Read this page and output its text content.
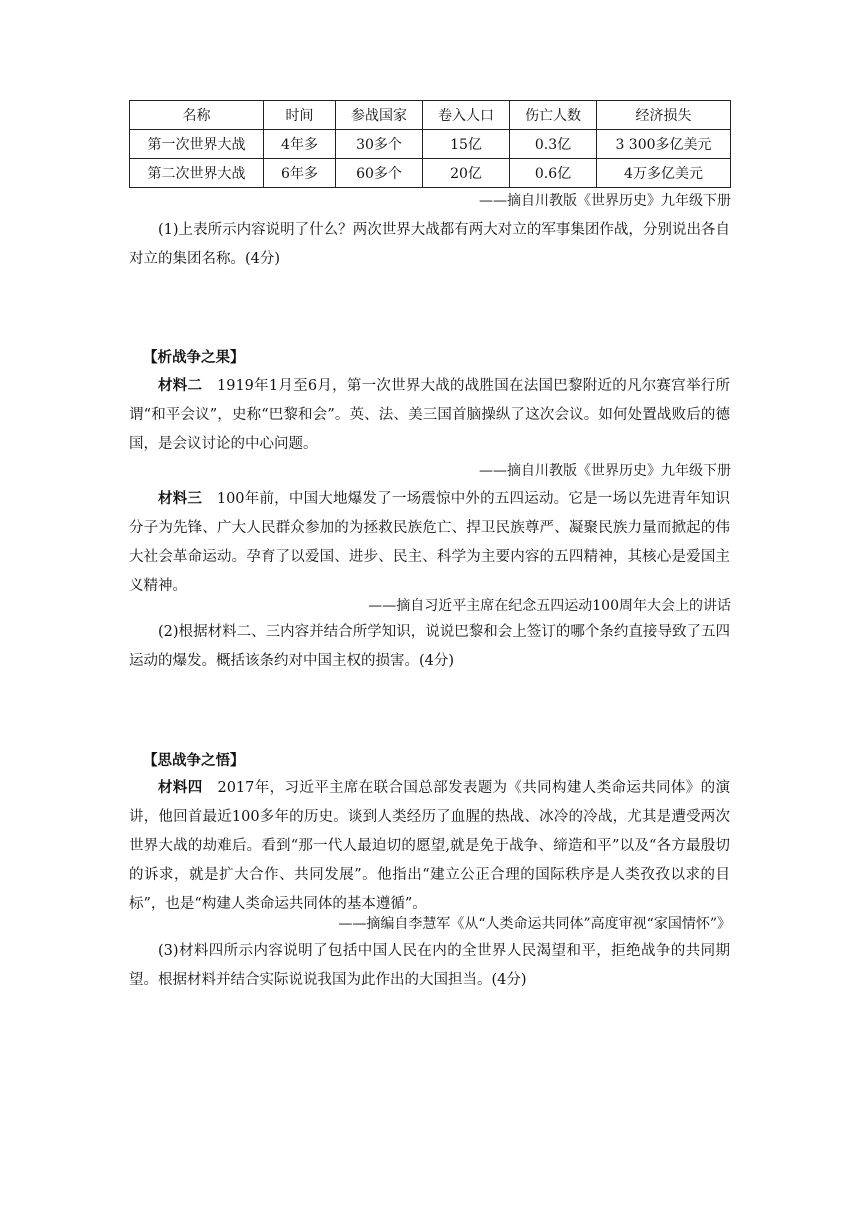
名称	时间	参战国家	卷入人口	伤亡人数	经济损失
第一次世界大战	4年多	30多个	15亿	0.3亿	3 300多亿美元
第二次世界大战	6年多	60多个	20亿	0.6亿	4万多亿美元
——摘自川教版《世界历史》九年级下册
(1)上表所示内容说明了什么？两次世界大战都有两大对立的军事集团作战，分别说出各自对立的集团名称。(4分)
【析战争之果】
材料二　 1919年1月至6月，第一次世界大战的战胜国在法国巴黎附近的凡尔赛宫举行所谓“和平会议”，史称“巴黎和会”。英、法、美三国首脑操纵了这次会议。如何处置战败后的德国，是会议讨论的中心问题。
——摘自川教版《世界历史》九年级下册
材料三　 100年前，中国大地爆发了一场震惊中外的五四运动。它是一场以先进青年知识分子为先锋、广大人民群众参加的为拯救民族危亡、捍卫民族尊严、凝聚民族力量而掀起的伟大社会革命运动。孕育了以爱国、进步、民主、科学为主要内容的五四精神，其核心是爱国主义精神。
——摘自习近平主席在纪念五四运动100周年大会上的讲话
(2)根据材料二、三内容并结合所学知识，说说巴黎和会上签订的哪个条约直接导致了五四运动的爆发。概括该条约对中国主权的损害。(4分)
【思战争之悟】
材料四　 2017年，习近平主席在联合国总部发表题为《共同构建人类命运共同体》的演讲，他回首最近100多年的历史。谈到人类经历了血腥的热战、冰冷的冷战，尤其是遭受两次世界大战的劫难后。看到“那一代人最迫切的愿望,就是免于战争、缔造和平”以及“各方最殷切的诉求，就是扩大合作、共同发展”。他指出“建立公正合理的国际秩序是人类孜孜以求的目标”，也是“构建人类命运共同体的基本遵循”。
——摘编自李慧军《从“人类命运共同体”高度审视“家国情怀”》
(3)材料四所示内容说明了包括中国人民在内的全世界人民渴望和平，拒绝战争的共同期望。根据材料并结合实际说说我国为此作出的大国担当。(4分)
